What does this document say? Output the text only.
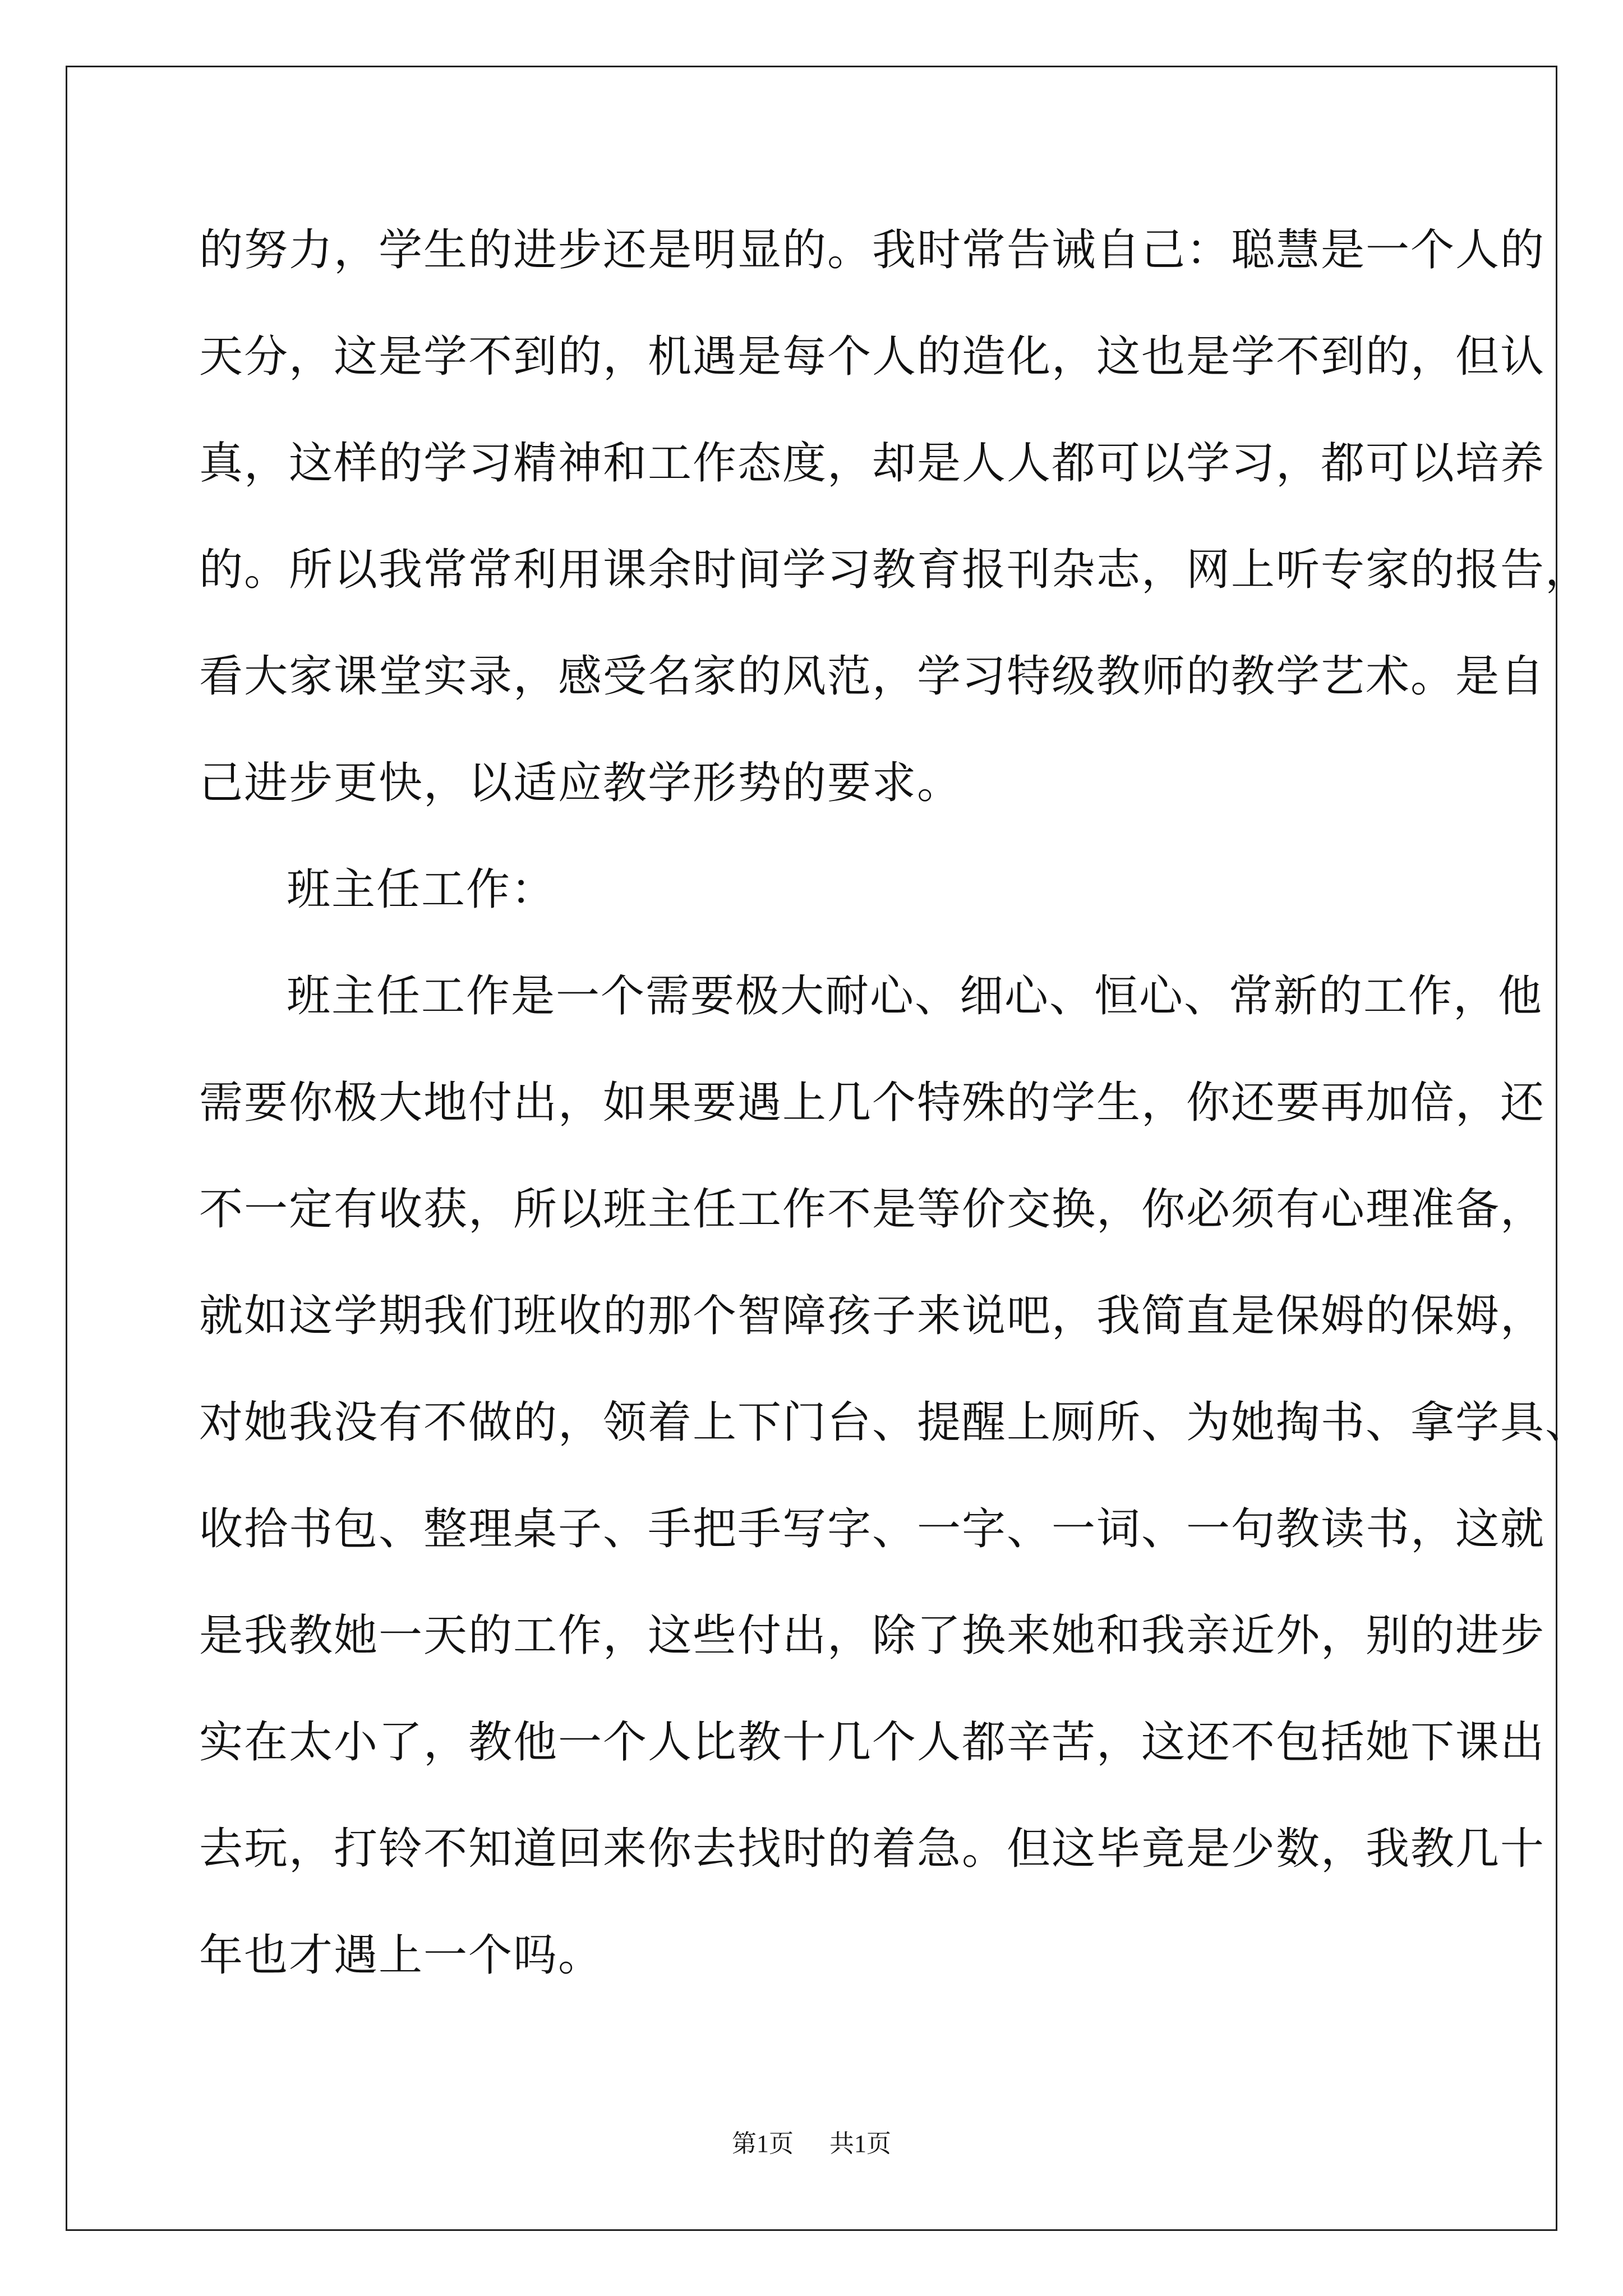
的努力，学生的进步还是明显的。我时常告诫自己：聪慧是一个人的
天分，这是学不到的，机遇是每个人的造化，这也是学不到的，但认
真，这样的学习精神和工作态度，却是人人都可以学习，都可以培养
的。所以我常常利用课余时间学习教育报刊杂志，网上听专家的报告，
看大家课堂实录，感受名家的风范，学习特级教师的教学艺术。是自
己进步更快，以适应教学形势的要求。
班主任工作：
班主任工作是一个需要极大耐心、细心、恒心、常新的工作，他
需要你极大地付出，如果要遇上几个特殊的学生，你还要再加倍，还
不一定有收获，所以班主任工作不是等价交换，你必须有心理准备，
就如这学期我们班收的那个智障孩子来说吧，我简直是保姆的保姆，
对她我没有不做的，领着上下门台、提醒上厕所、为她掏书、拿学具、
收拾书包、整理桌子、手把手写字、一字、一词、一句教读书，这就
是我教她一天的工作，这些付出，除了换来她和我亲近外，别的进步
实在太小了，教他一个人比教十几个人都辛苦，这还不包括她下课出
去玩，打铃不知道回来你去找时的着急。但这毕竟是少数，我教几十
年也才遇上一个吗。
第1页 共1页
